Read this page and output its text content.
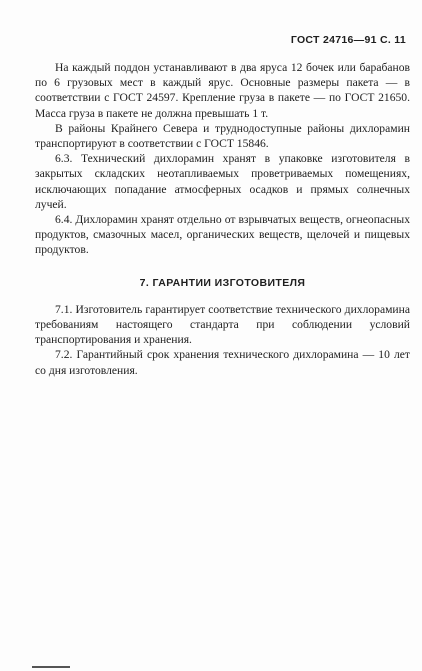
ГОСТ 24716—91 С. 11

На каждый поддон устанавливают в два яруса 12 бочек или барабанов по 6 грузовых мест в каждый ярус. Основные размеры пакета — в соответствии с ГОСТ 24597. Крепление груза в пакете — по ГОСТ 21650. Масса груза в пакете не должна превышать 1 т.

В районы Крайнего Севера и труднодоступные районы дихлорамин транспортируют в соответствии с ГОСТ 15846.

6.3. Технический дихлорамин хранят в упаковке изготовителя в закрытых складских неотапливаемых проветриваемых помещениях, исключающих попадание атмосферных осадков и прямых солнечных лучей.

6.4. Дихлорамин хранят отдельно от взрывчатых веществ, огнеопасных продуктов, смазочных масел, органических веществ, щелочей и пищевых продуктов.

7. ГАРАНТИИ ИЗГОТОВИТЕЛЯ

7.1. Изготовитель гарантирует соответствие технического дихлорамина требованиям настоящего стандарта при соблюдении условий транспортирования и хранения.

7.2. Гарантийный срок хранения технического дихлорамина — 10 лет со дня изготовления.
